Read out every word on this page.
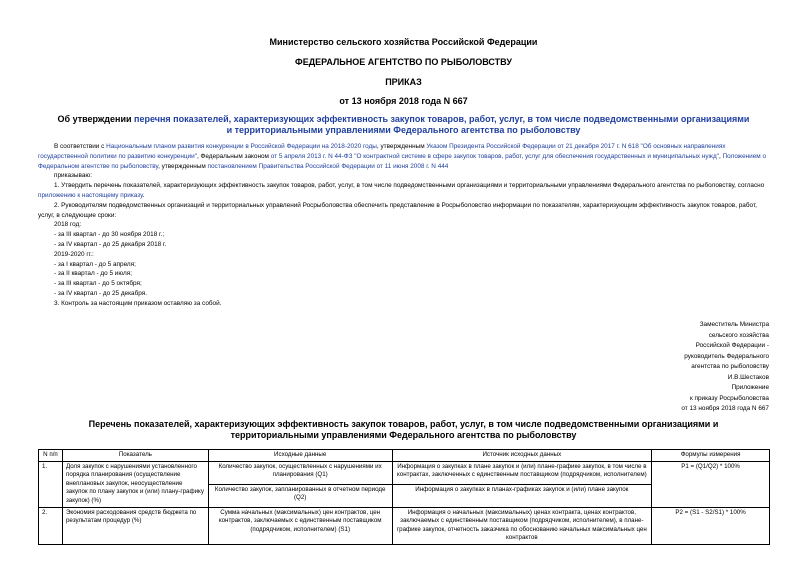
Министерство сельского хозяйства Российской Федерации
ФЕДЕРАЛЬНОЕ АГЕНТСТВО ПО РЫБОЛОВСТВУ
ПРИКАЗ
от 13 ноября 2018 года N 667
Об утверждении перечня показателей, характеризующих эффективность закупок товаров, работ, услуг, в том числе подведомственными организациями и территориальными управлениями Федерального агентства по рыболовству

В соответствии с Национальным планом развития конкуренции в Российской Федерации на 2018-2020 годы, утвержденным Указом Президента Российской Федерации от 21 декабря 2017 г. N 618 "Об основных направлениях государственной политики по развитию конкуренции", Федеральным законом от 5 апреля 2013 г. N 44-ФЗ "О контрактной системе в сфере закупок товаров, работ, услуг для обеспечения государственных и муниципальных нужд", Положением о Федеральном агентстве по рыболовству, утвержденным постановлением Правительства Российской Федерации от 11 июня 2008 г. N 444

приказываю:

1. Утвердить перечень показателей, характеризующих эффективность закупок товаров, работ, услуг, в том числе подведомственными организациями и территориальными управлениями Федерального агентства по рыболовству, согласно приложению к настоящему приказу.

2. Руководителям подведомственных организаций и территориальных управлений Росрыболовства обеспечить представление в Росрыболовство информации по показателям, характеризующим эффективность закупок товаров, работ, услуг, в следующие сроки:

2018 год:

- за III квартал - до 30 ноября 2018 г.;

- за IV квартал - до 25 декабря 2018 г.

2019-2020 гг.:

- за I квартал - до 5 апреля;

- за II квартал - до 5 июля;

- за III квартал - до 5 октября;

- за IV квартал - до 25 декабря.

3. Контроль за настоящим приказом оставляю за собой.

Заместитель Министра
сельского хозяйства
Российской Федерации -
руководитель Федерального
агентства по рыболовству
И.В.Шестаков
Приложение
к приказу Росрыболовства
от 13 ноября 2018 года N 667
Перечень показателей, характеризующих эффективность закупок товаров, работ, услуг, в том числе подведомственными организациями и территориальными управлениями Федерального агентства по рыболовству
N п/п	Показатель	Исходные данные	Источник исходных данных	Формулы измерения
1.	Доля закупок с нарушениями установленного порядка планирования (осуществление внеплановых закупок, неосуществление закупок по плану закупок и (или) плану-графику закупок) (%)	Количество закупок, осуществленных с нарушениями их планирования (Q1)	Информация о закупках в плане закупок и (или) плане-графике закупок, в том числе в контрактах, заключенных с единственным поставщиком (подрядчиком, исполнителем)	P1 = (Q1/Q2) * 100%
		Количество закупок, запланированных в отчетном периоде (Q2)	Информация о закупках в планах-графиках закупок и (или) плане закупок	
2.	Экономия расходования средств бюджета по результатам процедур (%)	Сумма начальных (максимальных) цен контрактов, цен контрактов, заключаемых с единственным поставщиком (подрядчиком, исполнителем) (S1)	Информация о начальных (максимальных) ценах контракта, ценах контрактов, заключаемых с единственным поставщиком (подрядчиком, исполнителем), в плане-графике закупок, отчетность заказчика по обоснованию начальных максимальных цен контрактов	P2 = (S1 - S2/S1) * 100%
